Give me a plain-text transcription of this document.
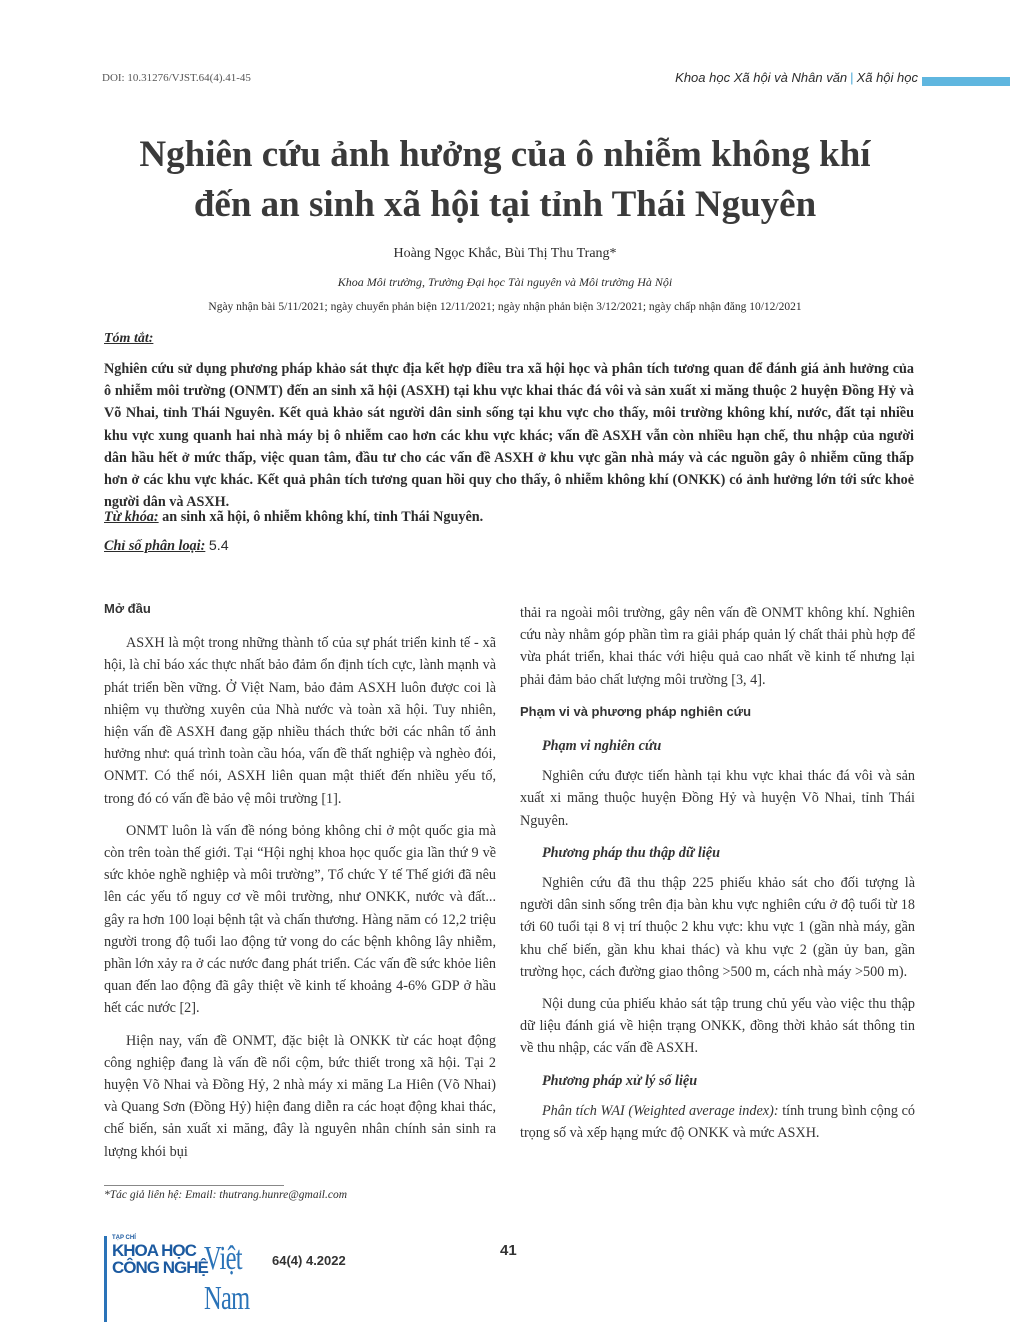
DOI: 10.31276/VJST.64(4).41-45	Khoa học Xã hội và Nhân văn | Xã hội học
Nghiên cứu ảnh hưởng của ô nhiễm không khí
đến an sinh xã hội tại tỉnh Thái Nguyên
Hoàng Ngọc Khắc, Bùi Thị Thu Trang*
Khoa Môi trường, Trường Đại học Tài nguyên và Môi trường Hà Nội
Ngày nhận bài 5/11/2021; ngày chuyển phản biện 12/11/2021; ngày nhận phản biện 3/12/2021; ngày chấp nhận đăng 10/12/2021
Tóm tắt:
Nghiên cứu sử dụng phương pháp khảo sát thực địa kết hợp điều tra xã hội học và phân tích tương quan để đánh giá ảnh hưởng của ô nhiễm môi trường (ONMT) đến an sinh xã hội (ASXH) tại khu vực khai thác đá vôi và sản xuất xi măng thuộc 2 huyện Đồng Hỷ và Võ Nhai, tỉnh Thái Nguyên. Kết quả khảo sát người dân sinh sống tại khu vực cho thấy, môi trường không khí, nước, đất tại nhiều khu vực xung quanh hai nhà máy bị ô nhiễm cao hơn các khu vực khác; vấn đề ASXH vẫn còn nhiều hạn chế, thu nhập của người dân hầu hết ở mức thấp, việc quan tâm, đầu tư cho các vấn đề ASXH ở khu vực gần nhà máy và các nguồn gây ô nhiễm cũng thấp hơn ở các khu vực khác. Kết quả phân tích tương quan hồi quy cho thấy, ô nhiễm không khí (ONKK) có ảnh hưởng lớn tới sức khoẻ người dân và ASXH.
Từ khóa: an sinh xã hội, ô nhiễm không khí, tỉnh Thái Nguyên.
Chỉ số phân loại: 5.4
Mở đầu

ASXH là một trong những thành tố của sự phát triển kinh tế - xã hội, là chỉ báo xác thực nhất bảo đảm ổn định tích cực, lành mạnh và phát triển bền vững. Ở Việt Nam, bảo đảm ASXH luôn được coi là nhiệm vụ thường xuyên của Nhà nước và toàn xã hội. Tuy nhiên, hiện vấn đề ASXH đang gặp nhiều thách thức bởi các nhân tố ảnh hưởng như: quá trình toàn cầu hóa, vấn đề thất nghiệp và nghèo đói, ONMT. Có thể nói, ASXH liên quan mật thiết đến nhiều yếu tố, trong đó có vấn đề bảo vệ môi trường [1].

ONMT luôn là vấn đề nóng bỏng không chỉ ở một quốc gia mà còn trên toàn thế giới. Tại “Hội nghị khoa học quốc gia lần thứ 9 về sức khỏe nghề nghiệp và môi trường”, Tổ chức Y tế Thế giới đã nêu lên các yếu tố nguy cơ về môi trường, như ONKK, nước và đất... gây ra hơn 100 loại bệnh tật và chấn thương. Hàng năm có 12,2 triệu người trong độ tuổi lao động tử vong do các bệnh không lây nhiễm, phần lớn xảy ra ở các nước đang phát triển. Các vấn đề sức khỏe liên quan đến lao động đã gây thiệt về kinh tế khoảng 4-6% GDP ở hầu hết các nước [2].

Hiện nay, vấn đề ONMT, đặc biệt là ONKK từ các hoạt động công nghiệp đang là vấn đề nổi cộm, bức thiết trong xã hội. Tại 2 huyện Võ Nhai và Đồng Hỷ, 2 nhà máy xi măng La Hiên (Võ Nhai) và Quang Sơn (Đồng Hỷ) hiện đang diễn ra các hoạt động khai thác, chế biến, sản xuất xi măng, đây là nguyên nhân chính sản sinh ra lượng khói bụi

thải ra ngoài môi trường, gây nên vấn đề ONMT không khí. Nghiên cứu này nhằm góp phần tìm ra giải pháp quản lý chất thải phù hợp để vừa phát triển, khai thác với hiệu quả cao nhất về kinh tế nhưng lại phải đảm bảo chất lượng môi trường [3, 4].

Phạm vi và phương pháp nghiên cứu
Phạm vi nghiên cứu

Nghiên cứu được tiến hành tại khu vực khai thác đá vôi và sản xuất xi măng thuộc huyện Đồng Hỷ và huyện Võ Nhai, tỉnh Thái Nguyên.

Phương pháp thu thập dữ liệu

Nghiên cứu đã thu thập 225 phiếu khảo sát cho đối tượng là người dân sinh sống trên địa bàn khu vực nghiên cứu ở độ tuổi từ 18 tới 60 tuổi tại 8 vị trí thuộc 2 khu vực: khu vực 1 (gần nhà máy, gần khu chế biến, gần khu khai thác) và khu vực 2 (gần ủy ban, gần trường học, cách đường giao thông >500 m, cách nhà máy >500 m).

Nội dung của phiếu khảo sát tập trung chủ yếu vào việc thu thập dữ liệu đánh giá về hiện trạng ONKK, đồng thời khảo sát thông tin về thu nhập, các vấn đề ASXH.

Phương pháp xử lý số liệu

Phân tích WAI (Weighted average index): tính trung bình cộng có trọng số và xếp hạng mức độ ONKK và mức ASXH.

*Tác giả liên hệ: Email: thutrang.hunre@gmail.com
TẠP CHÍ
KHOA HỌC
CÔNG NGHỆ
Việt Nam
64(4) 4.2022
41
